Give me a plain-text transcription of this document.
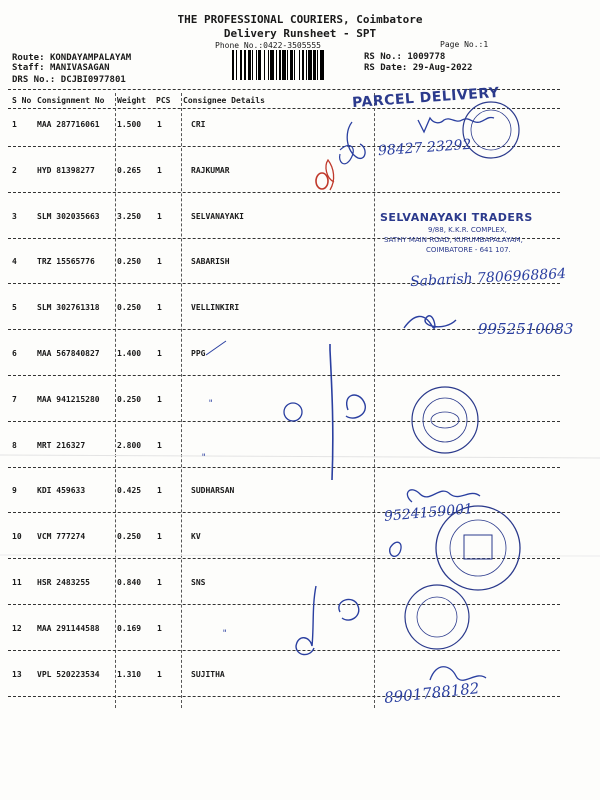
THE PROFESSIONAL COURIERS, Coimbatore
Delivery Runsheet - SPT
Phone No.:0422-3505555	Page No.:1
Route: KONDAYAMPALAYAM
Staff: MANIVASAGAN
DRS No.: DCJBI0977801
RS No.: 1009778
RS Date: 29-Aug-2022
S No Consignment No Weight PCS Consignee Details
1	MAA 287716061 1.500 1	CRI
2	HYD 81398277	0.265 1	RAJKUMAR
3	SLM 302035663 3.250 1	SELVANAYAKI
4	TRZ 15565776	0.250 1	SABARISH
5	SLM 302761318 0.250 1	VELLINKIRI
6	MAA 567840827 1.400 1	PPG
7	MAA 941215280 0.250 1
8	MRT 216327	2.800 1
9	KDI 459633	0.425 1	SUDHARSAN
10 VCM 777274	0.250 1	KV
11 HSR 2483255	0.840 1	SNS
12 MAA 291144588 0.169 1
13 VPL 520223534 1.310 1	SUJITHA
"
"
"
PARCEL DELIVERY
SELVANAYAKI TRADERS
9/88, K.K.R. COMPLEX,
SATHY MAIN ROAD, KURUMBAPALAYAM,
COIMBATORE - 641 107.
98427 23292
Sabarish 7806968864
9952510083
9524159001
8901788182
